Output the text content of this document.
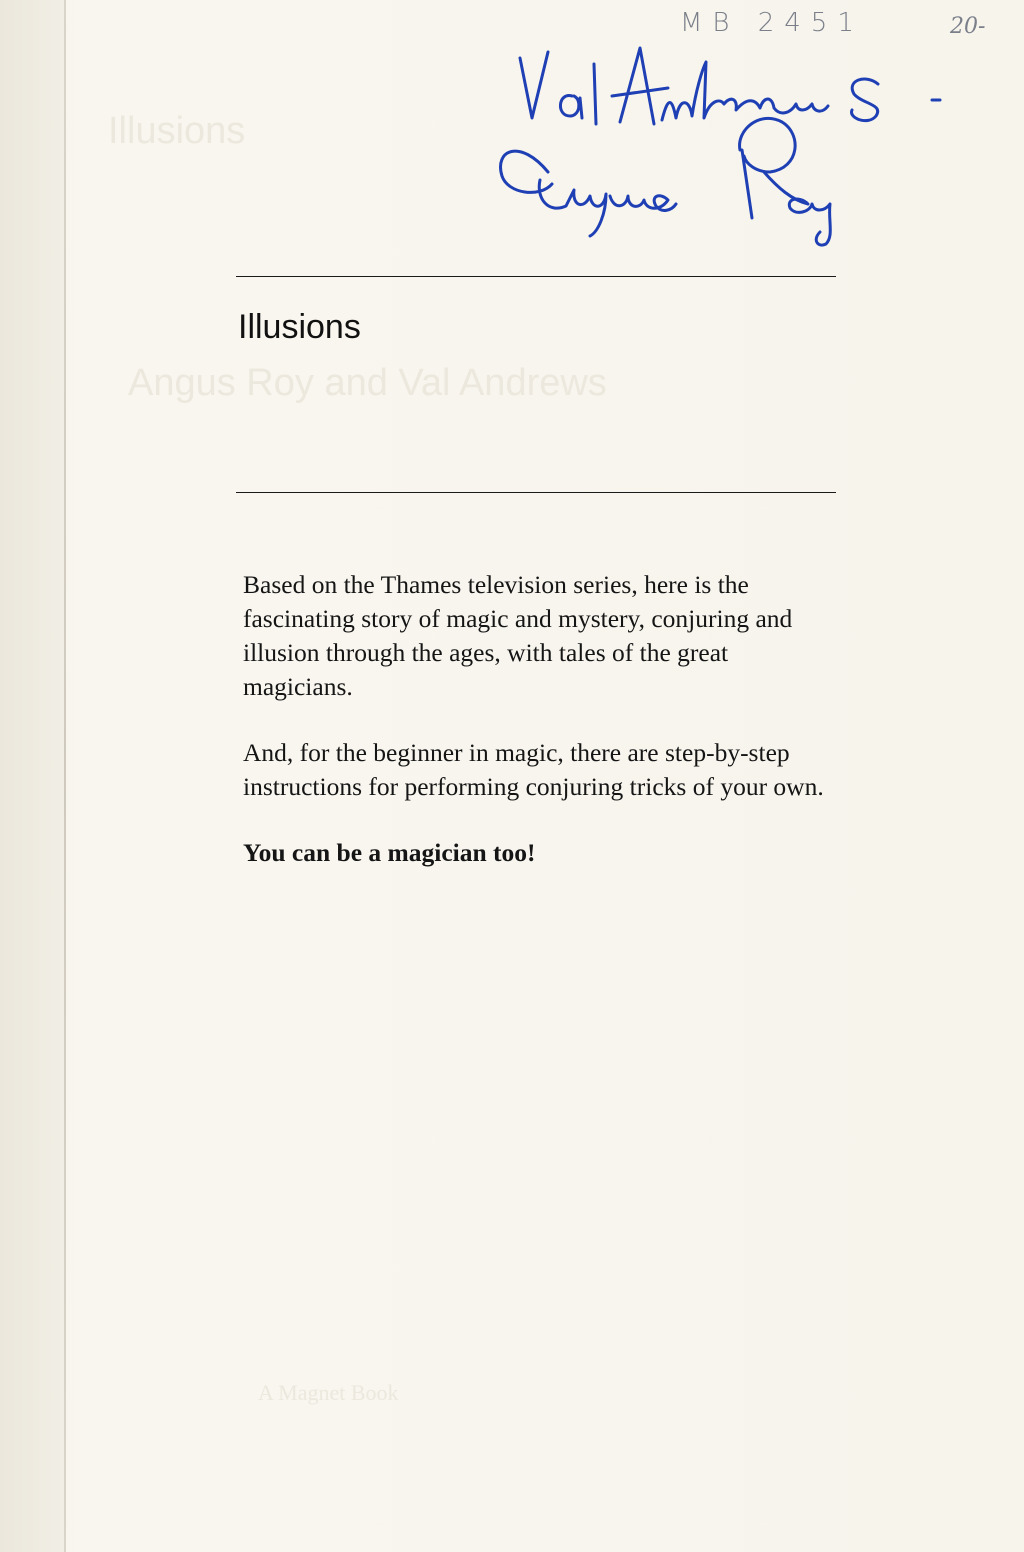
Illusions
Angus Roy and Val Andrews
A Magnet Book
MB 2451	20-
Illusions

Based on the Thames television series, here is the fascinating story of magic and mystery, conjuring and illusion through the ages, with tales of the great magicians.

And, for the beginner in magic, there are step-by-step instructions for performing conjuring tricks of your own.

You can be a magician too!
